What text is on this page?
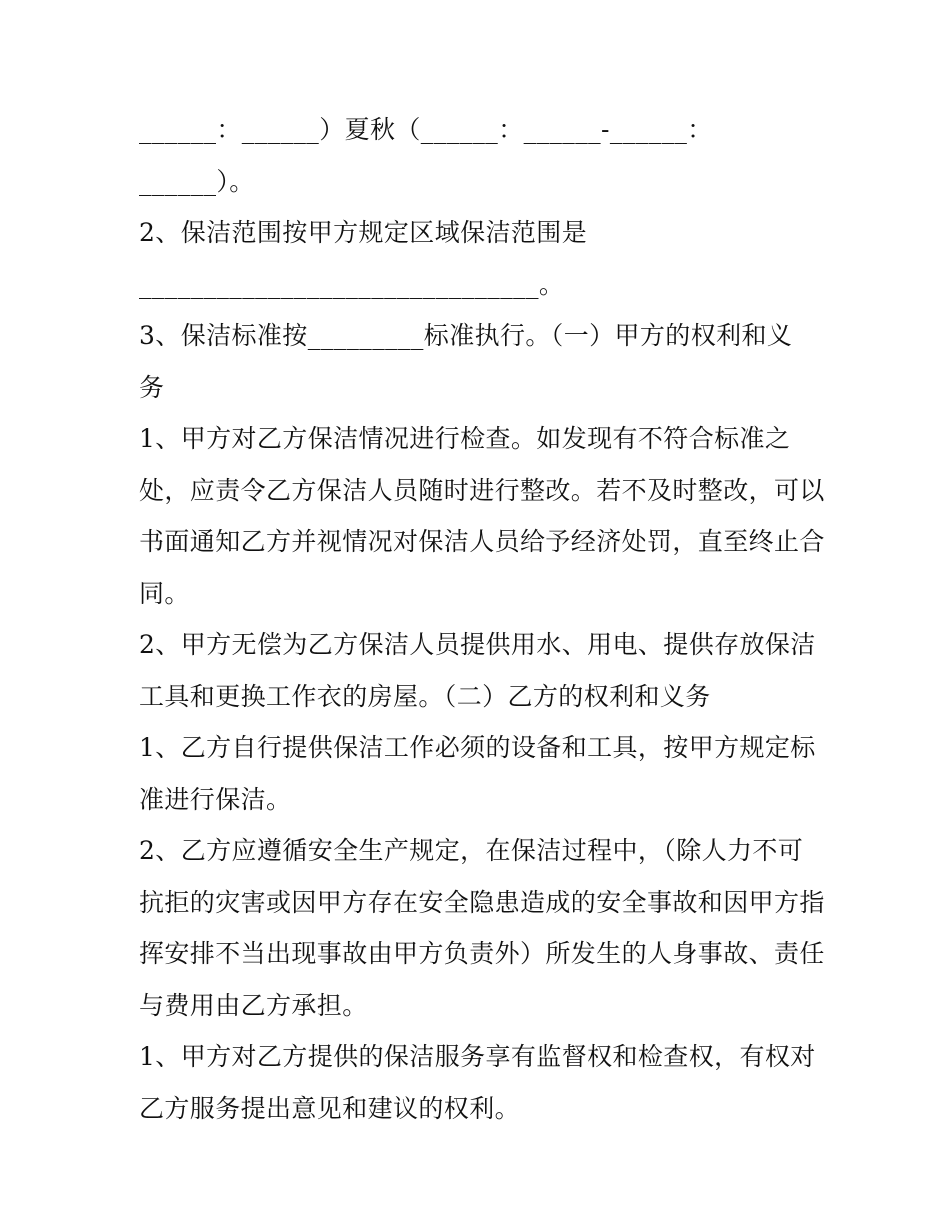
______：______）夏秋（______：______-______：
______）。
2、保洁范围按甲方规定区域保洁范围是
_______________________________。
3、保洁标准按_________标准执行。（一）甲方的权利和义
务
1、甲方对乙方保洁情况进行检查。如发现有不符合标准之
处，应责令乙方保洁人员随时进行整改。若不及时整改，可以
书面通知乙方并视情况对保洁人员给予经济处罚，直至终止合
同。
2、甲方无偿为乙方保洁人员提供用水、用电、提供存放保洁
工具和更换工作衣的房屋。（二）乙方的权利和义务
1、乙方自行提供保洁工作必须的设备和工具，按甲方规定标
准进行保洁。
2、乙方应遵循安全生产规定，在保洁过程中，（除人力不可
抗拒的灾害或因甲方存在安全隐患造成的安全事故和因甲方指
挥安排不当出现事故由甲方负责外）所发生的人身事故、责任
与费用由乙方承担。
1、甲方对乙方提供的保洁服务享有监督权和检查权，有权对
乙方服务提出意见和建议的权利。
